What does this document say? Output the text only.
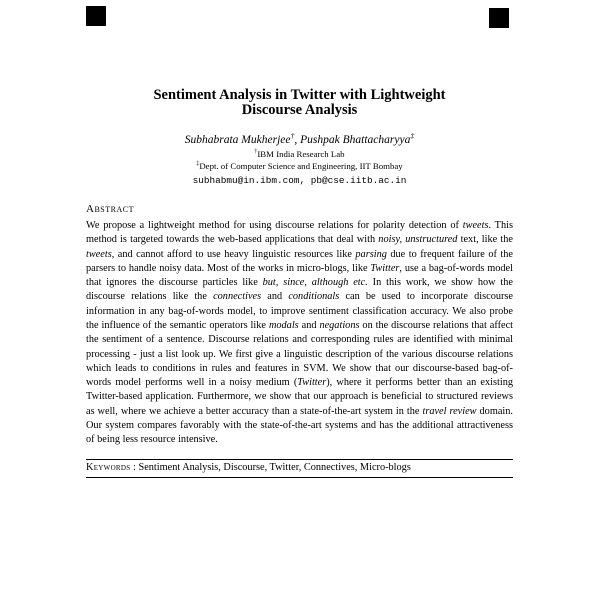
Sentiment Analysis in Twitter with Lightweight Discourse Analysis
Subhabrata Mukherjee†, Pushpak Bhattacharyya‡
†IBM India Research Lab
‡Dept. of Computer Science and Engineering, IIT Bombay
subhabmu@in.ibm.com, pb@cse.iitb.ac.in
Abstract
We propose a lightweight method for using discourse relations for polarity detection of tweets. This method is targeted towards the web-based applications that deal with noisy, unstructured text, like the tweets, and cannot afford to use heavy linguistic resources like parsing due to frequent failure of the parsers to handle noisy data. Most of the works in micro-blogs, like Twitter, use a bag-of-words model that ignores the discourse particles like but, since, although etc. In this work, we show how the discourse relations like the connectives and conditionals can be used to incorporate discourse information in any bag-of-words model, to improve sentiment classification accuracy. We also probe the influence of the semantic operators like modals and negations on the discourse relations that affect the sentiment of a sentence. Discourse relations and corresponding rules are identified with minimal processing - just a list look up. We first give a linguistic description of the various discourse relations which leads to conditions in rules and features in SVM. We show that our discourse-based bag-of-words model performs well in a noisy medium (Twitter), where it performs better than an existing Twitter-based application. Furthermore, we show that our approach is beneficial to structured reviews as well, where we achieve a better accuracy than a state-of-the-art system in the travel review domain. Our system compares favorably with the state-of-the-art systems and has the additional attractiveness of being less resource intensive.
Keywords : Sentiment Analysis, Discourse, Twitter, Connectives, Micro-blogs
